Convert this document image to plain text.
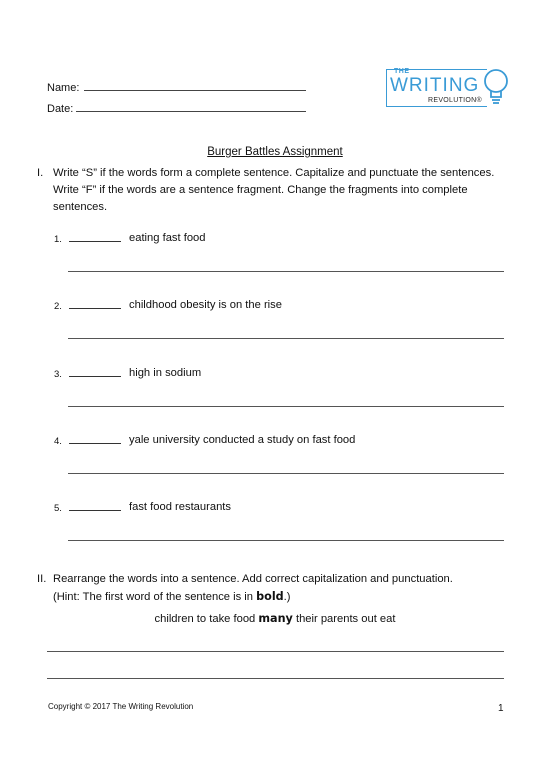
Name:
Date:
THE
WRITING
REVOLUTION®
Burger Battles Assignment
I. Write “S” if the words form a complete sentence. Capitalize and punctuate the sentences. Write “F” if the words are a sentence fragment. Change the fragments into complete sentences.
1.	eating fast food
2.	childhood obesity is on the rise
3.	high in sodium
4.	yale university conducted a study on fast food
5.	fast food restaurants
II. Rearrange the words into a sentence. Add correct capitalization and punctuation.
(Hint: The first word of the sentence is in bold.)
children to take food many their parents out eat
Copyright © 2017 The Writing Revolution	1
